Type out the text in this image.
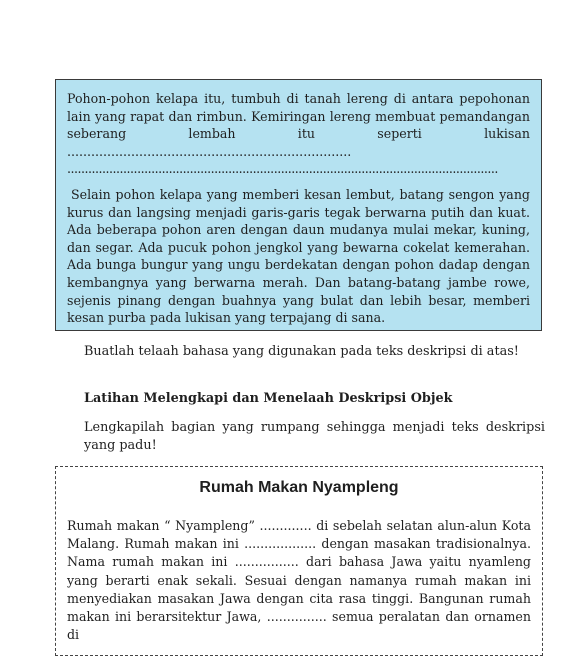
Pohon-pohon kelapa itu, tumbuh di tanah lereng di antara pepohonan lain yang rapat dan rimbun. Kemiringan lereng membuat pemandangan seberang lembah itu seperti lukisan .......................................................................
...........................................................................................................................

Selain pohon kelapa yang memberi kesan lembut, batang sengon yang kurus dan langsing menjadi garis-garis tegak berwarna putih dan kuat. Ada beberapa pohon aren dengan daun mudanya mulai mekar, kuning, dan segar. Ada pucuk pohon jengkol yang bewarna cokelat kemerahan. Ada bunga bungur yang ungu berdekatan dengan pohon dadap dengan kembangnya yang berwarna merah. Dan batang-batang jambe rowe, sejenis pinang dengan buahnya yang bulat dan lebih besar, memberi kesan purba pada lukisan yang terpajang di sana.

Buatlah telaah bahasa yang digunakan pada teks deskripsi di atas!
Latihan Melengkapi dan Menelaah Deskripsi Objek
Lengkapilah bagian yang rumpang sehingga menjadi teks deskripsi yang padu!
Rumah Makan Nyampleng
Rumah makan “ Nyampleng” ............. di sebelah selatan alun-alun Kota Malang. Rumah makan ini .................. dengan masakan tradisionalnya. Nama rumah makan ini ................ dari bahasa Jawa yaitu nyamleng yang berarti enak sekali. Sesuai dengan namanya rumah makan ini menyediakan masakan Jawa dengan cita rasa tinggi. Bangunan rumah makan ini berarsitektur Jawa, ............... semua peralatan dan ornamen di
